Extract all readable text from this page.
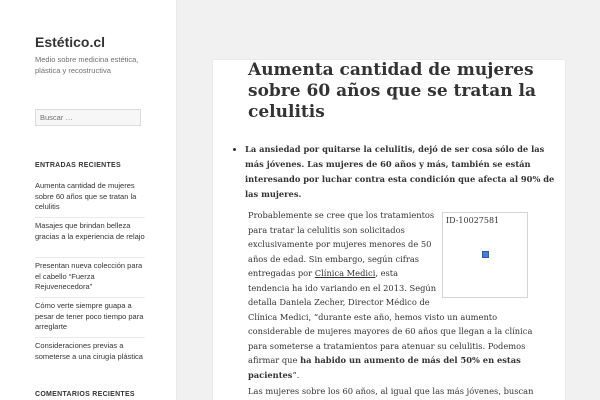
Estético.cl
Medio sobre medicina estética, plástica y recostructiva
Buscar …
ENTRADAS RECIENTES
Aumenta cantidad de mujeres sobre 60 años que se tratan la celulitis
Masajes que brindan belleza gracias a la experiencia de relajo
Presentan nueva colección para el cabello “Fuerza Rejuvenecedora”
Cómo verte siempre guapa a pesar de tener poco tiempo para arreglarte
Consideraciones previas a someterse a una cirugía plástica
COMENTARIOS RECIENTES
Aumenta cantidad de mujeres sobre 60 años que se tratan la celulitis
• La ansiedad por quitarse la celulitis, dejó de ser cosa sólo de las más jóvenes. Las mujeres de 60 años y más, también se están interesando por luchar contra esta condición que afecta al 90% de las mujeres.

Probablemente se cree que los tratamientos para tratar la celulitis son solicitados exclusivamente por mujeres menores de 50 años de edad. Sin embargo, según cifras entregadas por Clínica Medici, esta tendencia ha ido variando en el 2013. Según detalla Daniela Zecher, Director Médico de Clínica Medici, “durante este año, hemos visto un aumento considerable de mujeres mayores de 60 años que llegan a la clínica para someterse a tratamientos para atenuar su celulitis. Podemos afirmar que ha habido un aumento de más del 50% en estas pacientes”.

ID-10027581

Las mujeres sobre los 60 años, al igual que las más jóvenes, buscan
